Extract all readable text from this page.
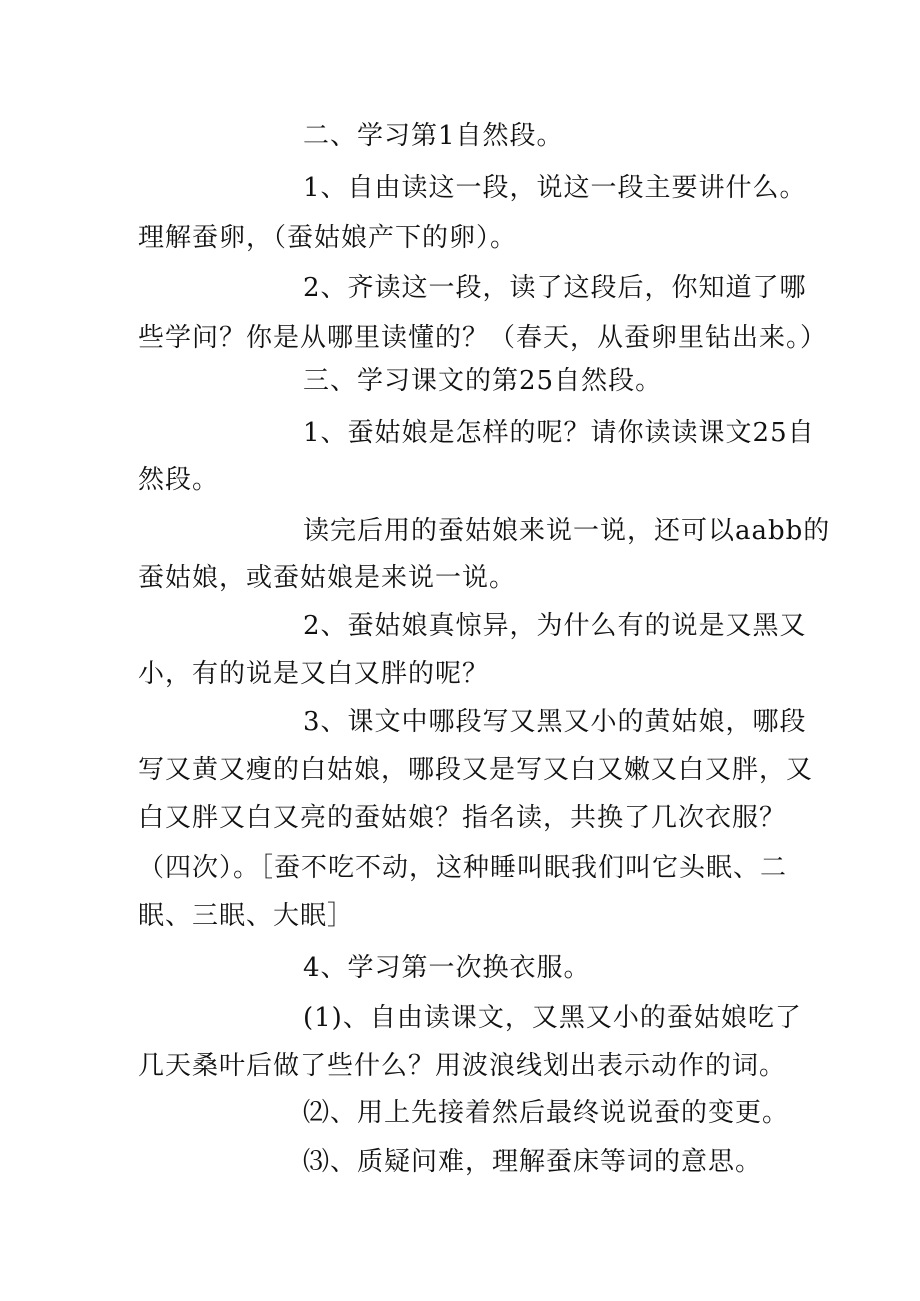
二、学习第1自然段。
1、自由读这一段，说这一段主要讲什么。
理解蚕卵，（蚕姑娘产下的卵）。
2、齐读这一段，读了这段后，你知道了哪
些学问？你是从哪里读懂的？（春天，从蚕卵里钻出来。）
三、学习课文的第25自然段。
1、蚕姑娘是怎样的呢？请你读读课文25自
然段。
读完后用的蚕姑娘来说一说，还可以aabb的
蚕姑娘，或蚕姑娘是来说一说。
2、蚕姑娘真惊异，为什么有的说是又黑又
小，有的说是又白又胖的呢？
3、课文中哪段写又黑又小的黄姑娘，哪段
写又黄又瘦的白姑娘，哪段又是写又白又嫩又白又胖，又
白又胖又白又亮的蚕姑娘？指名读，共换了几次衣服？
（四次）。［蚕不吃不动，这种睡叫眠我们叫它头眠、二
眠、三眠、大眠］
4、学习第一次换衣服。
(1)、自由读课文，又黑又小的蚕姑娘吃了
几天桑叶后做了些什么？用波浪线划出表示动作的词。
⑵、用上先接着然后最终说说蚕的变更。
⑶、质疑问难，理解蚕床等词的意思。
